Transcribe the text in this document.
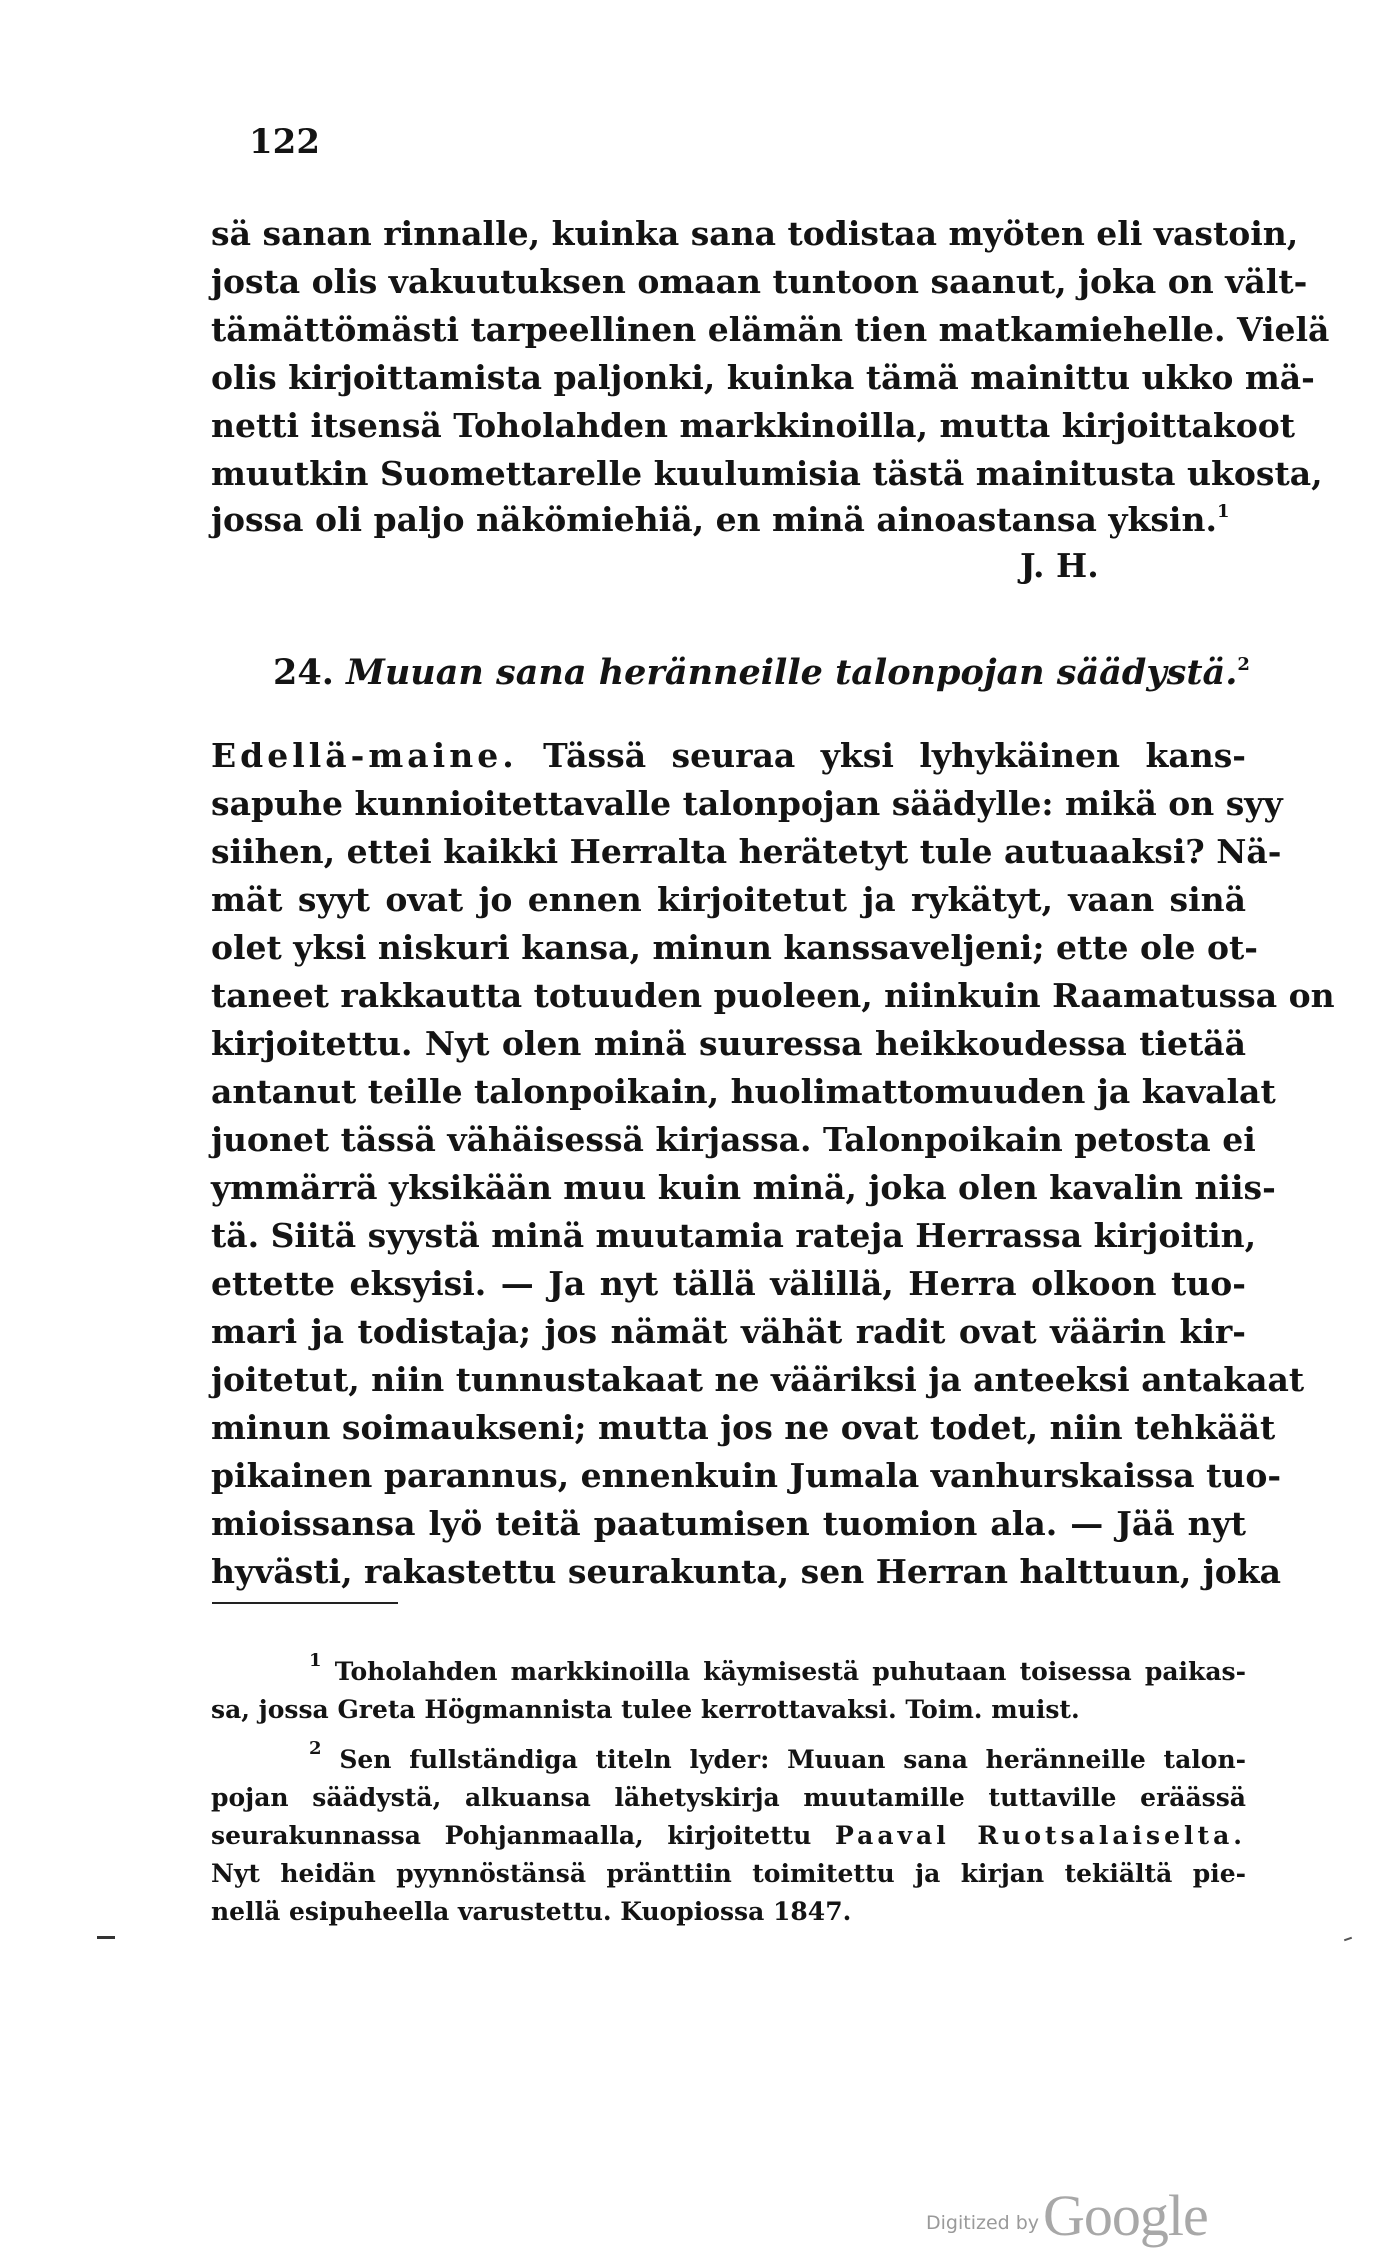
122
sä sanan rinnalle, kuinka sana todistaa myöten eli vastoin,
josta olis vakuutuksen omaan tuntoon saanut, joka on vält-
tämättömästi tarpeellinen elämän tien matkamiehelle. Vielä
olis kirjoittamista paljonki, kuinka tämä mainittu ukko mä-
netti itsensä Toholahden markkinoilla, mutta kirjoittakoot
muutkin Suomettarelle kuulumisia tästä mainitusta ukosta,
jossa oli paljo näkömiehiä, en minä ainoastansa yksin.$^1$
J. H.
24. Muuan sana heränneille talonpojan säädystä.$^2$
Edellä-maine. Tässä seuraa yksi lyhykäinen kans-
sapuhe kunnioitettavalle talonpojan säädylle: mikä on syy
siihen, ettei kaikki Herralta herätetyt tule autuaaksi? Nä-
mät syyt ovat jo ennen kirjoitetut ja rykätyt, vaan sinä
olet yksi niskuri kansa, minun kanssaveljeni; ette ole ot-
taneet rakkautta totuuden puoleen, niinkuin Raamatussa on
kirjoitettu. Nyt olen minä suuressa heikkoudessa tietää
antanut teille talonpoikain, huolimattomuuden ja kavalat
juonet tässä vähäisessä kirjassa. Talonpoikain petosta ei
ymmärrä yksikään muu kuin minä, joka olen kavalin niis-
tä. Siitä syystä minä muutamia rateja Herrassa kirjoitin,
ettette eksyisi. — Ja nyt tällä välillä, Herra olkoon tuo-
mari ja todistaja; jos nämät vähät radit ovat väärin kir-
joitetut, niin tunnustakaat ne vääriksi ja anteeksi antakaat
minun soimaukseni; mutta jos ne ovat todet, niin tehkäät
pikainen parannus, ennenkuin Jumala vanhurskaissa tuo-
mioissansa lyö teitä paatumisen tuomion ala. — Jää nyt
hyvästi, rakastettu seurakunta, sen Herran halttuun, joka
$^1$ Toholahden markkinoilla käymisestä puhutaan toisessa paikas-
sa, jossa Greta Högmannista tulee kerrottavaksi. Toim. muist.
$^2$ Sen fullständiga titeln lyder: Muuan sana heränneille talon-
pojan säädystä, alkuansa lähetyskirja muutamille tuttaville eräässä
seurakunnassa Pohjanmaalla, kirjoitettu Paaval Ruotsalaiselta.
Nyt heidän pyynnöstänsä pränttiin toimitettu ja kirjan tekiältä pie-
nellä esipuheella varustettu. Kuopiossa 1847.
Digitized byGoogle
